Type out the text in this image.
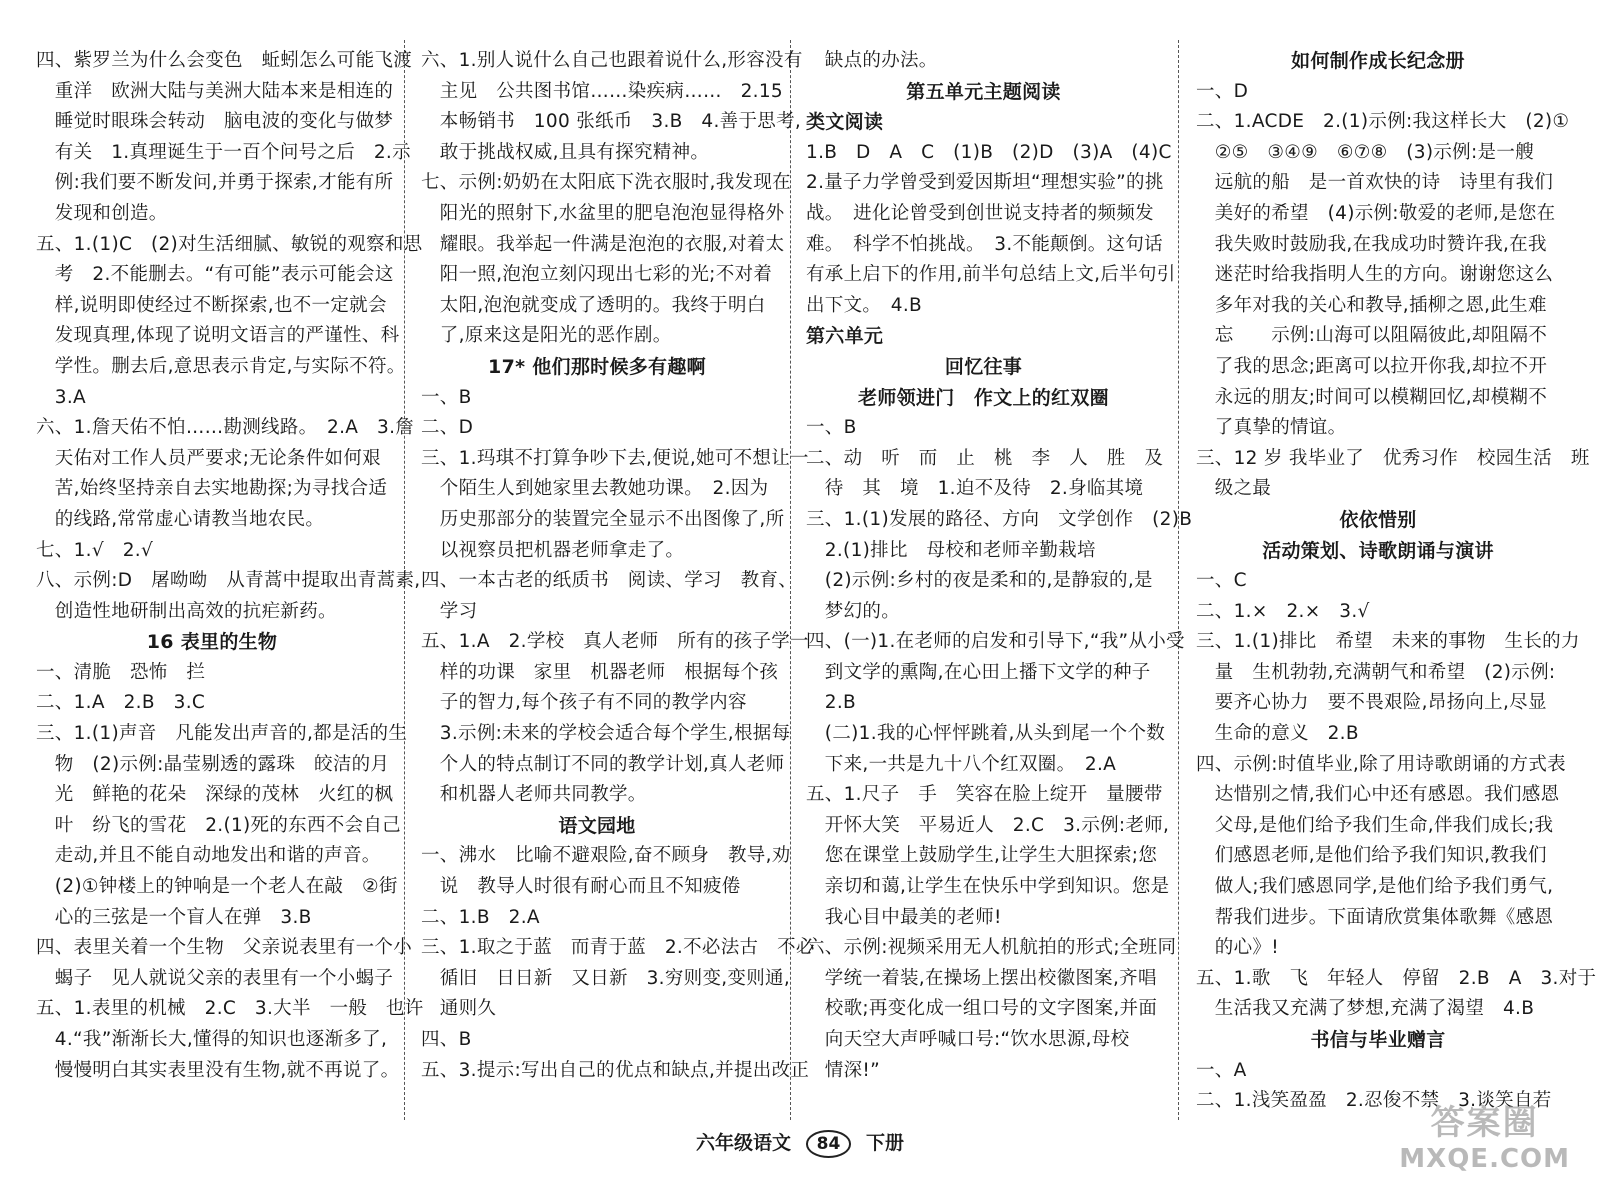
四、紫罗兰为什么会变色　蚯蚓怎么可能飞渡

　重洋　欧洲大陆与美洲大陆本来是相连的

　睡觉时眼珠会转动　脑电波的变化与做梦

　有关　1.真理诞生于一百个问号之后　2.示

　例:我们要不断发问,并勇于探索,才能有所

　发现和创造。

五、1.(1)C　(2)对生活细腻、敏锐的观察和思

　考　2.不能删去。“有可能”表示可能会这

　样,说明即使经过不断探索,也不一定就会

　发现真理,体现了说明文语言的严谨性、科

　学性。删去后,意思表示肯定,与实际不符。

　3.A

六、1.詹天佑不怕……勘测线路。　2.A　3.詹

　天佑对工作人员严要求;无论条件如何艰

　苦,始终坚持亲自去实地勘探;为寻找合适

　的线路,常常虚心请教当地农民。

七、1.√　2.√

八、示例:D　屠呦呦　从青蒿中提取出青蒿素,

　创造性地研制出高效的抗疟新药。

16 表里的生物

一、清脆　恐怖　拦

二、1.A　2.B　3.C

三、1.(1)声音　凡能发出声音的,都是活的生

　物　(2)示例:晶莹剔透的露珠　皎洁的月

　光　鲜艳的花朵　深绿的茂林　火红的枫

　叶　纷飞的雪花　2.(1)死的东西不会自己

　走动,并且不能自动地发出和谐的声音。

　(2)①钟楼上的钟响是一个老人在敲　②街

　心的三弦是一个盲人在弹　3.B

四、表里关着一个生物　父亲说表里有一个小

　蝎子　见人就说父亲的表里有一个小蝎子

五、1.表里的机械　2.C　3.大半　一般　也许

　4.“我”渐渐长大,懂得的知识也逐渐多了,

　慢慢明白其实表里没有生物,就不再说了。

六、1.别人说什么自己也跟着说什么,形容没有

　主见　公共图书馆……染疾病……　2.15

　本畅销书　100 张纸币　3.B　4.善于思考,

　敢于挑战权威,且具有探究精神。

七、示例:奶奶在太阳底下洗衣服时,我发现在

　阳光的照射下,水盆里的肥皂泡泡显得格外

　耀眼。我举起一件满是泡泡的衣服,对着太

　阳一照,泡泡立刻闪现出七彩的光;不对着

　太阳,泡泡就变成了透明的。我终于明白

　了,原来这是阳光的恶作剧。

17* 他们那时候多有趣啊

一、B

二、D

三、1.玛琪不打算争吵下去,便说,她可不想让一

　个陌生人到她家里去教她功课。　2.因为

　历史那部分的装置完全显示不出图像了,所

　以视察员把机器老师拿走了。

四、一本古老的纸质书　阅读、学习　教育、

　学习

五、1.A　2.学校　真人老师　所有的孩子学一

　样的功课　家里　机器老师　根据每个孩

　子的智力,每个孩子有不同的教学内容

　3.示例:未来的学校会适合每个学生,根据每

　个人的特点制订不同的教学计划,真人老师

　和机器人老师共同教学。

语文园地

一、沸水　比喻不避艰险,奋不顾身　教导,劝

　说　教导人时很有耐心而且不知疲倦

二、1.B　2.A

三、1.取之于蓝　而青于蓝　2.不必法古　不必

　循旧　日日新　又日新　3.穷则变,变则通,

　通则久

四、B

五、3.提示:写出自己的优点和缺点,并提出改正

　缺点的办法。

第五单元主题阅读

类文阅读

1.B　D　A　C　(1)B　(2)D　(3)A　(4)C

2.量子力学曾受到爱因斯坦“理想实验”的挑

战。　进化论曾受到创世说支持者的频频发

难。　科学不怕挑战。　3.不能颠倒。这句话

有承上启下的作用,前半句总结上文,后半句引

出下文。　4.B

第六单元

回忆往事

老师领进门　作文上的红双圈

一、B

二、动　听　而　止　桃　李　人　胜　及

　待　其　境　1.迫不及待　2.身临其境

三、1.(1)发展的路径、方向　文学创作　(2)B

　2.(1)排比　母校和老师辛勤栽培

　(2)示例:乡村的夜是柔和的,是静寂的,是

　梦幻的。

四、(一)1.在老师的启发和引导下,“我”从小受

　到文学的熏陶,在心田上播下文学的种子

　2.B

　(二)1.我的心怦怦跳着,从头到尾一个个数

　下来,一共是九十八个红双圈。　2.A

五、1.尺子　手　笑容在脸上绽开　量腰带

　开怀大笑　平易近人　2.C　3.示例:老师,

　您在课堂上鼓励学生,让学生大胆探索;您

　亲切和蔼,让学生在快乐中学到知识。您是

　我心目中最美的老师!

六、示例:视频采用无人机航拍的形式;全班同

　学统一着装,在操场上摆出校徽图案,齐唱

　校歌;再变化成一组口号的文字图案,并面

　向天空大声呼喊口号:“饮水思源,母校

　情深!”

如何制作成长纪念册

一、D

二、1.ACDE　2.(1)示例:我这样长大　(2)①

　②⑤　③④⑨　⑥⑦⑧　(3)示例:是一艘

　远航的船　是一首欢快的诗　诗里有我们

　美好的希望　(4)示例:敬爱的老师,是您在

　我失败时鼓励我,在我成功时赞许我,在我

　迷茫时给我指明人生的方向。谢谢您这么

　多年对我的关心和教导,插柳之恩,此生难

　忘　　示例:山海可以阻隔彼此,却阻隔不

　了我的思念;距离可以拉开你我,却拉不开

　永远的朋友;时间可以模糊回忆,却模糊不

　了真挚的情谊。

三、12 岁 我毕业了　优秀习作　校园生活　班

　级之最

依依惜别

活动策划、诗歌朗诵与演讲

一、C

二、1.×　2.×　3.√

三、1.(1)排比　希望　未来的事物　生长的力

　量　生机勃勃,充满朝气和希望　(2)示例:

　要齐心协力　要不畏艰险,昂扬向上,尽显

　生命的意义　2.B

四、示例:时值毕业,除了用诗歌朗诵的方式表

　达惜别之情,我们心中还有感恩。我们感恩

　父母,是他们给予我们生命,伴我们成长;我

　们感恩老师,是他们给予我们知识,教我们

　做人;我们感恩同学,是他们给予我们勇气,

　帮我们进步。下面请欣赏集体歌舞《感恩

　的心》!

五、1.歌　飞　年轻人　停留　2.B　A　3.对于

　生活我又充满了梦想,充满了渴望　4.B

书信与毕业赠言

一、A

二、1.浅笑盈盈　2.忍俊不禁　3.谈笑自若

六年级语文 84 下册	答案圈
MXQE.COM
